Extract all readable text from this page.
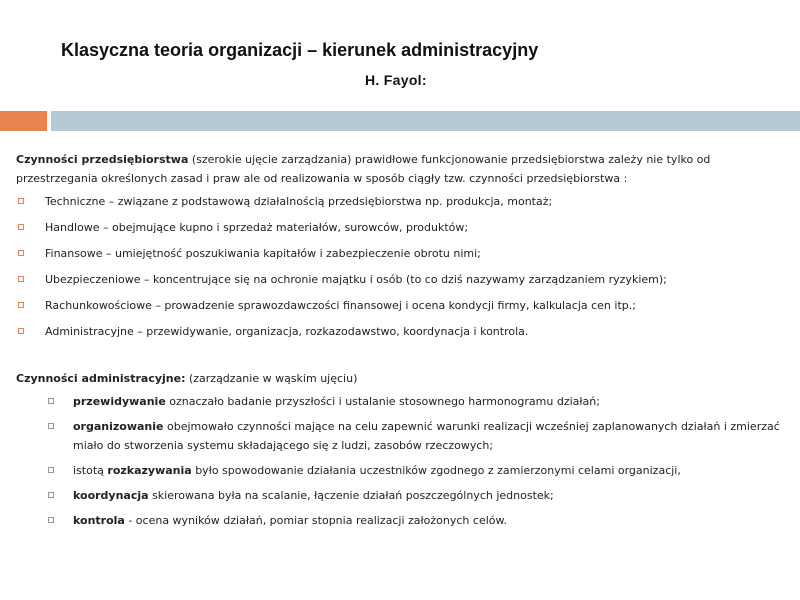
Klasyczna teoria organizacji – kierunek administracyjny
H. Fayol:

Czynności przedsiębiorstwa (szerokie ujęcie zarządzania) prawidłowe funkcjonowanie przedsiębiorstwa zależy nie tylko od przestrzegania określonych zasad i praw ale od realizowania w sposób ciągły tzw. czynności przedsiębiorstwa :

Techniczne – związane z podstawową działalnością przedsiębiorstwa np. produkcja, montaż;
Handlowe – obejmujące kupno i sprzedaż materiałów, surowców, produktów;
Finansowe – umiejętność poszukiwania kapitałów i zabezpieczenie obrotu nimi;
Ubezpieczeniowe – koncentrujące się na ochronie majątku i osób (to co dziś nazywamy zarządzaniem ryzykiem);
Rachunkowościowe – prowadzenie sprawozdawczości finansowej i ocena kondycji firmy, kalkulacja cen itp.;
Administracyjne – przewidywanie, organizacja, rozkazodawstwo, koordynacja i kontrola.

Czynności administracyjne: (zarządzanie w wąskim ujęciu)

przewidywanie oznaczało badanie przyszłości i ustalanie stosownego harmonogramu działań;
organizowanie obejmowało czynności mające na celu zapewnić warunki realizacji wcześniej zaplanowanych działań i zmierzać miało do stworzenia systemu składającego się z ludzi, zasobów rzeczowych;
istotą rozkazywania było spowodowanie działania uczestników zgodnego z zamierzonymi celami organizacji,
koordynacja skierowana była na scalanie, łączenie działań poszczególnych jednostek;
kontrola - ocena wyników działań, pomiar stopnia realizacji założonych celów.
